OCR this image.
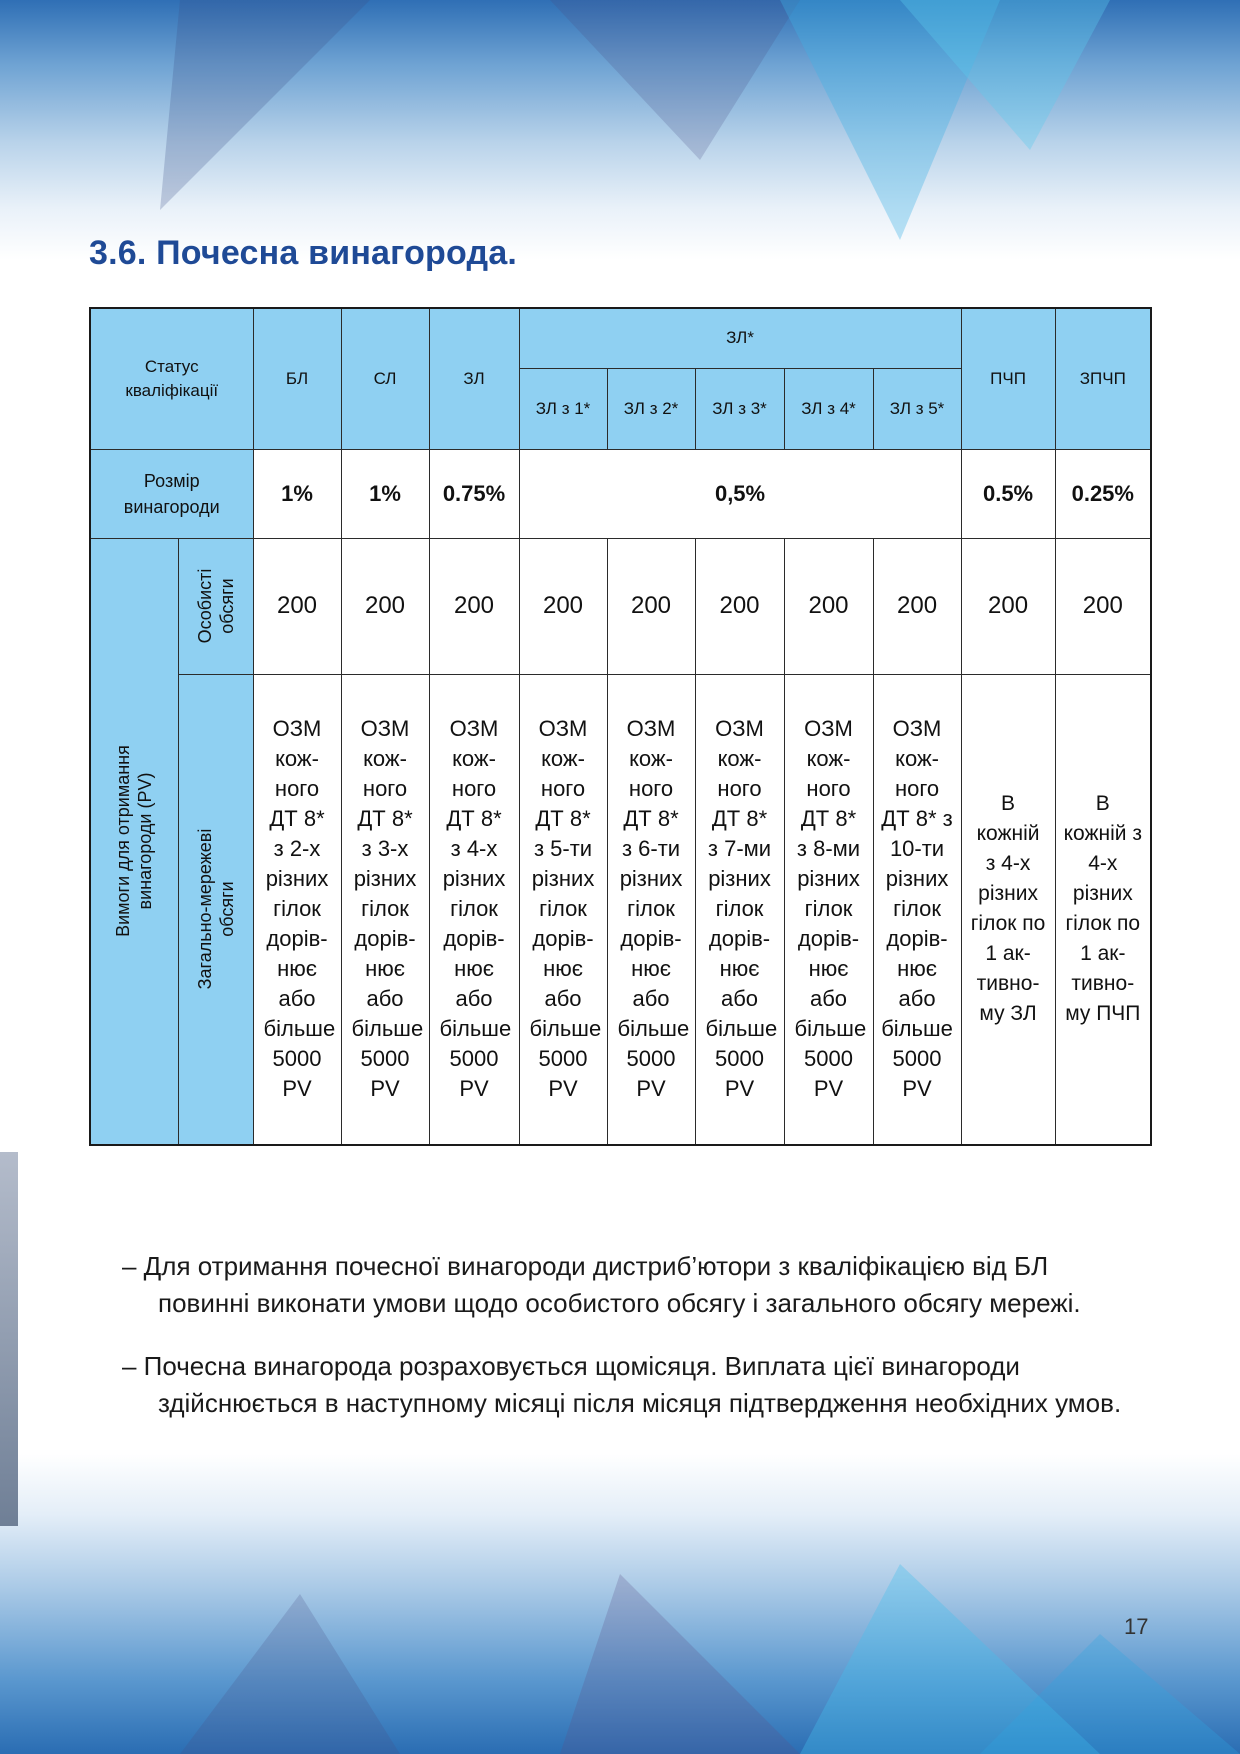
3.6. Почесна винагорода.
Статус кваліфікації		БЛ	СЛ	ЗЛ	ЗЛ*					ПЧП	ЗПЧП
					ЗЛ з 1*	ЗЛ з 2*	ЗЛ з 3*	ЗЛ з 4*	ЗЛ з 5*		
Розмір винагороди		1%	1%	0.75%	0,5%					0.5%	0.25%

Вимоги для отримання винагороди (PV)	Особисті обсяги	200	200	200	200	200	200	200	200	200	200

	Загально-мережеві обсяги	ОЗМ кож- ного ДТ 8* з 2-х різних гілок дорів- нює або більше 5000 PV	ОЗМ кож- ного ДТ 8* з 3-х різних гілок дорів- нює або більше 5000 PV	ОЗМ кож- ного ДТ 8* з 4-х різних гілок дорів- нює або більше 5000 PV	ОЗМ кож- ного ДТ 8* з 5-ти різних гілок дорів- нює або більше 5000 PV	ОЗМ кож- ного ДТ 8* з 6-ти різних гілок дорів- нює або більше 5000 PV	ОЗМ кож- ного ДТ 8* з 7-ми різних гілок дорів- нює або більше 5000 PV	ОЗМ кож- ного ДТ 8* з 8-ми різних гілок дорів- нює або більше 5000 PV	ОЗМ кож- ного ДТ 8* з 10-ти різних гілок дорів- нює або більше 5000 PV	В кожній з 4-х різних гілок по 1 ак- тивно- му ЗЛ	В кожній з 4-х різних гілок по 1 ак- тивно- му ПЧП

– Для отримання почесної винагороди дистриб’ютори з кваліфікацією від БЛ повинні виконати умови щодо особистого обсягу і загального обсягу мережі.

– Почесна винагорода розраховується щомісяця. Виплата цієї винагороди здійснюється в наступному місяці після місяця підтвердження необхідних умов.

17
